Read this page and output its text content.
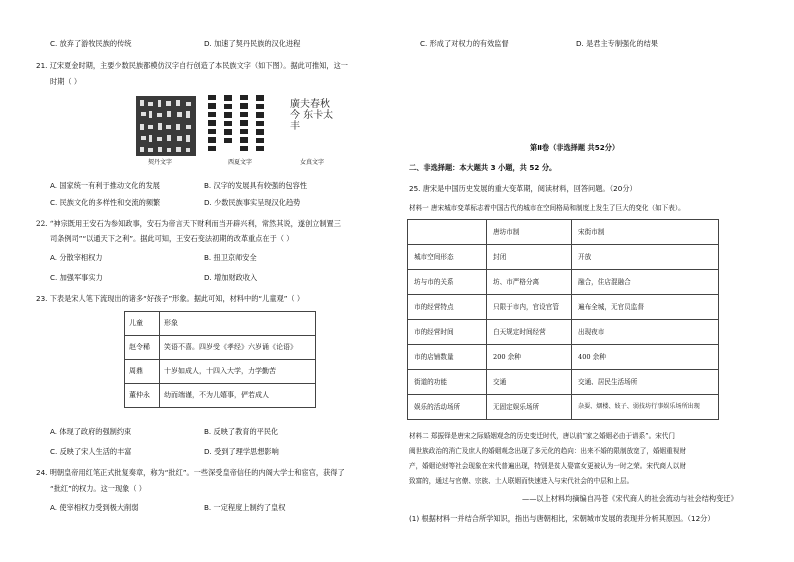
C. 放弃了游牧民族的传统	D. 加速了契丹民族的汉化进程
21. 辽宋夏金时期，主要少数民族都模仿汉字自行创造了本民族文字（如下图）。据此可推知，这一
时期（ ）
契丹文字	西夏文字
廣夫春秋今 东卡太丰
女真文字
A. 国家统一有利于推动文化的发展	B. 汉字的发展具有较强的包容性
C. 民族文化的多样性和交流的频繁	D. 少数民族事实呈现汉化趋势
22. “神宗既用王安石为参知政事，安石为帝言天下财利而当开辟兴利，常然其说，遂创立制置三
司条例司”“以通天下之利”。据此可知，王安石变法初期的改革重点在于（ ）
A. 分散宰相权力	B. 扭卫京师安全
C. 加强军事实力	D. 增加财政收入
23. 下表是宋人笔下流现出的诸多“好孩子”形象。据此可知，材料中的“儿童观”（ ）
儿童	形象
赵令稀	笑语不喜。四岁受《孝经》六岁诵《论语》
周鼎	十岁如成人，十四入大学，力学勤苦
董仲永	幼而端谨，不为儿嬉事，俨若成人
A. 体现了政府的强制约束	B. 反映了教育的平民化
C. 反映了宋人生活的丰富	D. 受到了理学思想影响
24. 明朝皇帝用红笔正式批复奏章，称为“批红”。一些深受皇帝信任的内阁大学士和宦官，获得了
“批红”的权力。这一现象（ ）
A. 使宰相权力受到极大削弱	B. 一定程度上制约了皇权
C. 形成了对权力的有效监督	D. 是君主专制强化的结果
第Ⅱ卷（非选择题 共52分）
二、非选择题：本大题共 3 小题，共 52 分。
25. 唐宋是中国历史发展的重大变革期，阅读材料，回答问题。（20分）
材料一 唐宋城市变革标志着中国古代的城市在空间格局和制度上发生了巨大的变化（如下表）。
	唐坊市制	宋街市制
城市空间形态	封闭	开放
坊与市的关系	坊、市严格分离	融合，住店混融合
市的经营特点	只限于市内，官设官管	遍布全城，无官员监督
市的经营时间	白天规定时间经营	出现夜市
市的店铺数量	200 余种	400 余种
街道的功能	交通	交通、居民生活场所
娱乐的活动场所	无固定娱乐场所	杂耍、烟楼、妓子、弱技坊行事娱乐场所出现
材料二 郑振铎是唐宋之际婚姻观念的历史变迁时代，唐以前“家之婚姻必由于谱系”。宋代门
阀世族政治的消亡及庶人的婚姻观念出现了多元化的趋向：出来不婚的限制放宽了，婚姻重视财
产，婚姻论财等社会现象在宋代普遍出现，特别是贫人娶富女更被认为一时之荣。宋代商人以财
致富的，通过与官僚、宗族、士人联姻而快速进入与宋代社会的中层和上层。
——以上材料均摘编自冯苍《宋代商人的社会流动与社会结构变迁》
(1) 根据材料一并结合所学知识，指出与唐朝相比，宋朝城市发展的表现并分析其原因。（12分）
